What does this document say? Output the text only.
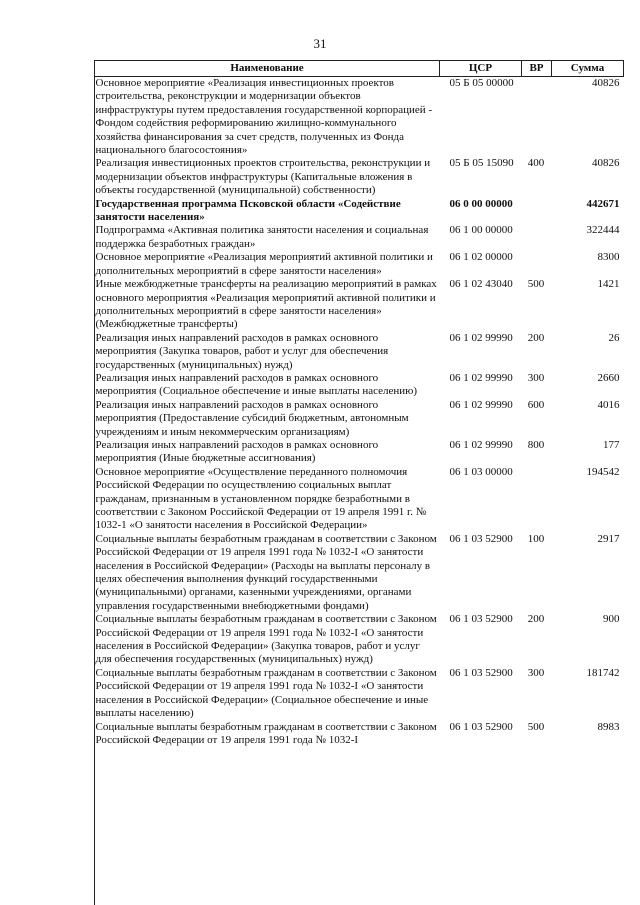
31
Наименование	ЦСР	ВР	Сумма
Основное мероприятие «Реализация инвестиционных проектов строительства, реконструкции и модернизации объектов инфраструктуры путем предоставления государственной корпорацией - Фондом содействия реформированию жилищно-коммунального хозяйства финансирования за счет средств, полученных из Фонда национального благосостояния»	05 Б 05 00000		40826
Реализация инвестиционных проектов строительства, реконструкции и модернизации объектов инфраструктуры (Капитальные вложения в объекты государственной (муниципальной) собственности)	05 Б 05 15090	400	40826
Государственная программа Псковской области «Содействие занятости населения»	06 0 00 00000		442671
Подпрограмма «Активная политика занятости населения и социальная поддержка безработных граждан»	06 1 00 00000		322444
Основное мероприятие «Реализация мероприятий активной политики и дополнительных мероприятий в сфере занятости населения»	06 1 02 00000		8300
Иные межбюджетные трансферты на реализацию мероприятий в рамках основного мероприятия «Реализация мероприятий активной политики и дополнительных мероприятий в сфере занятости населения» (Межбюджетные трансферты)	06 1 02 43040	500	1421
Реализация иных направлений расходов в рамках основного мероприятия (Закупка товаров, работ и услуг для обеспечения государственных (муниципальных) нужд)	06 1 02 99990	200	26
Реализация иных направлений расходов в рамках основного мероприятия (Социальное обеспечение и иные выплаты населению)	06 1 02 99990	300	2660
Реализация иных направлений расходов в рамках основного мероприятия (Предоставление субсидий бюджетным, автономным учреждениям и иным некоммерческим организациям)	06 1 02 99990	600	4016
Реализация иных направлений расходов в рамках основного мероприятия (Иные бюджетные ассигнования)	06 1 02 99990	800	177
Основное мероприятие «Осуществление переданного полномочия Российской Федерации по осуществлению социальных выплат гражданам, признанным в установленном порядке безработными в соответствии с Законом Российской Федерации от 19 апреля 1991 г. № 1032-1 «О занятости населения в Российской Федерации»	06 1 03 00000		194542
Социальные выплаты безработным гражданам в соответствии с Законом Российской Федерации от 19 апреля 1991 года № 1032-I «О занятости населения в Российской Федерации» (Расходы на выплаты персоналу в целях обеспечения выполнения функций государственными (муниципальными) органами, казенными учреждениями, органами управления государственными внебюджетными фондами)	06 1 03 52900	100	2917
Социальные выплаты безработным гражданам в соответствии с Законом Российской Федерации от 19 апреля 1991 года № 1032-I «О занятости населения в Российской Федерации» (Закупка товаров, работ и услуг для обеспечения государственных (муниципальных) нужд)	06 1 03 52900	200	900
Социальные выплаты безработным гражданам в соответствии с Законом Российской Федерации от 19 апреля 1991 года № 1032-I «О занятости населения в Российской Федерации» (Социальное обеспечение и иные выплаты населению)	06 1 03 52900	300	181742
Социальные выплаты безработным гражданам в соответствии с Законом Российской Федерации от 19 апреля 1991 года № 1032-I	06 1 03 52900	500	8983
